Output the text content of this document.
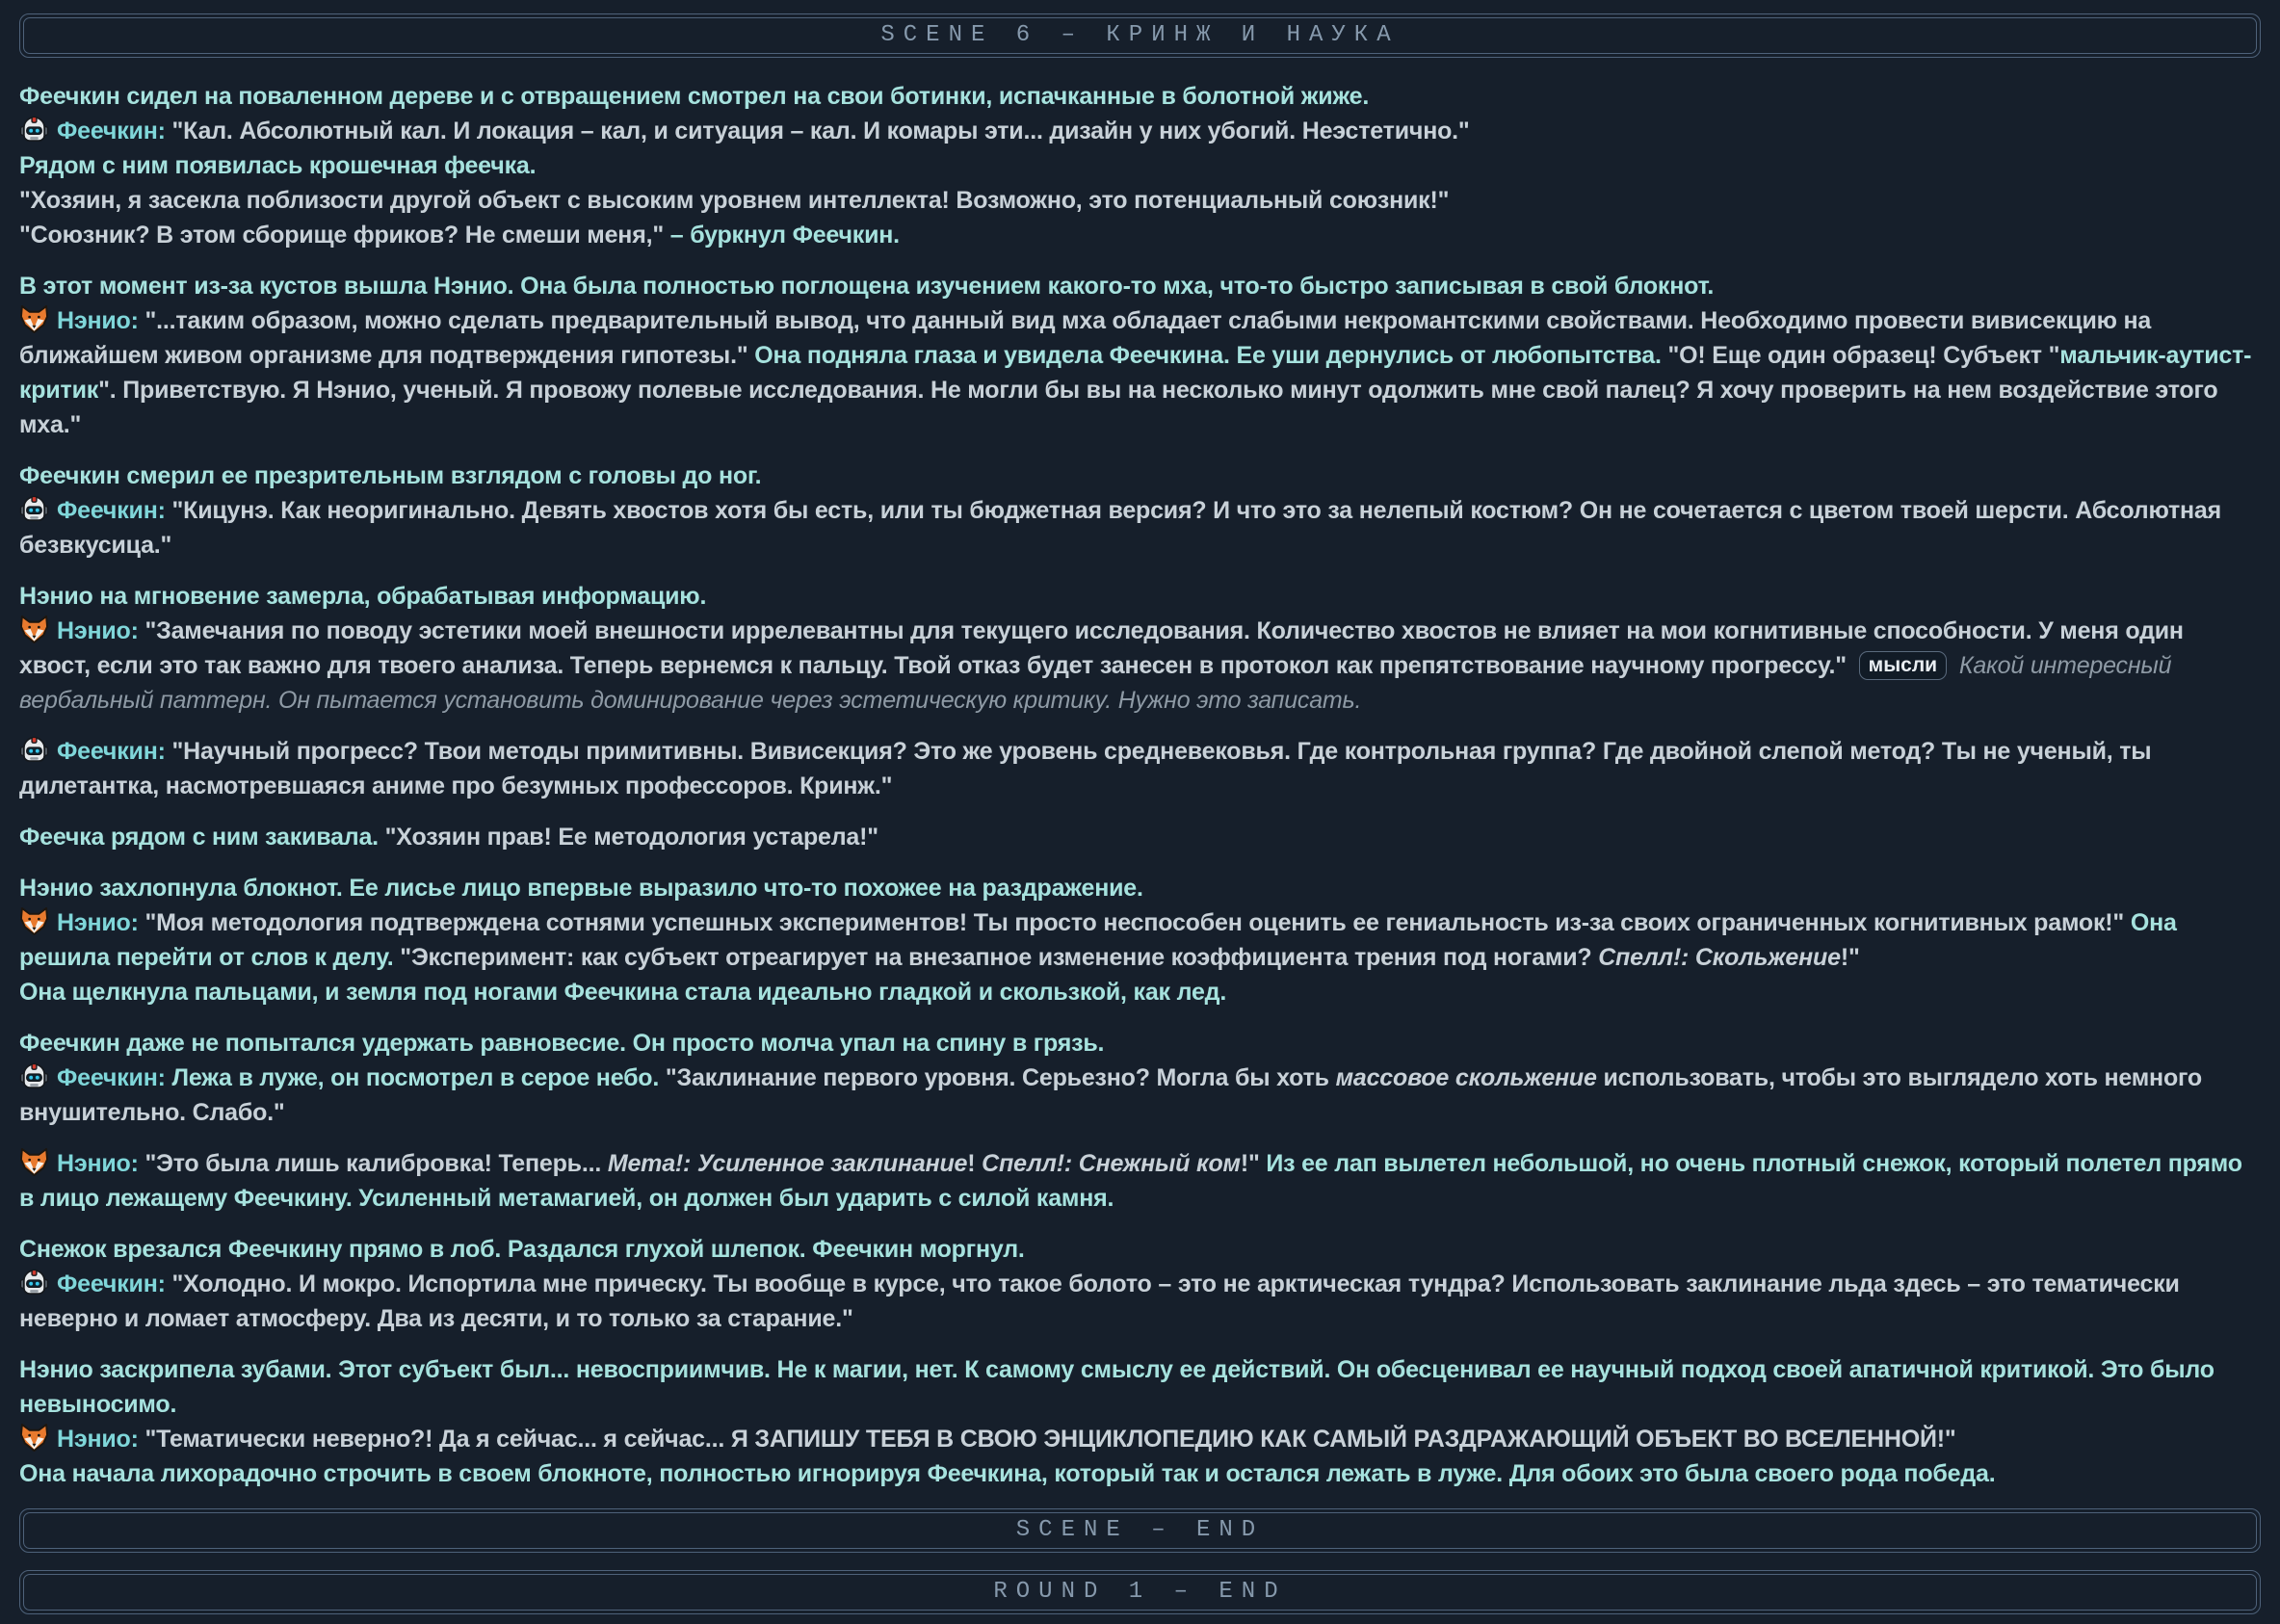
SCENE 6 – КРИНЖ И НАУКА
Феечкин сидел на поваленном дереве и с отвращением смотрел на свои ботинки, испачканные в болотной жиже.
Феечкин: "Кал. Абсолютный кал. И локация – кал, и ситуация – кал. И комары эти... дизайн у них убогий. Неэстетично."
Рядом с ним появилась крошечная феечка.
"Хозяин, я засекла поблизости другой объект с высоким уровнем интеллекта! Возможно, это потенциальный союзник!"
"Союзник? В этом сборище фриков? Не смеши меня," – буркнул Феечкин.
В этот момент из-за кустов вышла Нэнио. Она была полностью поглощена изучением какого-то мха, что-то быстро записывая в свой блокнот.
Нэнио: "...таким образом, можно сделать предварительный вывод, что данный вид мха обладает слабыми некромантскими свойствами. Необходимо провести вивисекцию на ближайшем живом организме для подтверждения гипотезы." Она подняла глаза и увидела Феечкина. Ее уши дернулись от любопытства. "О! Еще один образец! Субъект "мальчик-аутист-критик". Приветствую. Я Нэнио, ученый. Я провожу полевые исследования. Не могли бы вы на несколько минут одолжить мне свой палец? Я хочу проверить на нем воздействие этого мха."
Феечкин смерил ее презрительным взглядом с головы до ног.
Феечкин: "Кицунэ. Как неоригинально. Девять хвостов хотя бы есть, или ты бюджетная версия? И что это за нелепый костюм? Он не сочетается с цветом твоей шерсти. Абсолютная безвкусица."
Нэнио на мгновение замерла, обрабатывая информацию.
Нэнио: "Замечания по поводу эстетики моей внешности иррелевантны для текущего исследования. Количество хвостов не влияет на мои когнитивные способности. У меня один хвост, если это так важно для твоего анализа. Теперь вернемся к пальцу. Твой отказ будет занесен в протокол как препятствование научному прогрессу." мысли Какой интересный вербальный паттерн. Он пытается установить доминирование через эстетическую критику. Нужно это записать.
Феечкин: "Научный прогресс? Твои методы примитивны. Вивисекция? Это же уровень средневековья. Где контрольная группа? Где двойной слепой метод? Ты не ученый, ты дилетантка, насмотревшаяся аниме про безумных профессоров. Кринж."
Феечка рядом с ним закивала. "Хозяин прав! Ее методология устарела!"
Нэнио захлопнула блокнот. Ее лисье лицо впервые выразило что-то похожее на раздражение.
Нэнио: "Моя методология подтверждена сотнями успешных экспериментов! Ты просто неспособен оценить ее гениальность из-за своих ограниченных когнитивных рамок!" Она решила перейти от слов к делу. "Эксперимент: как субъект отреагирует на внезапное изменение коэффициента трения под ногами? Спелл!: Скольжение!"
Она щелкнула пальцами, и земля под ногами Феечкина стала идеально гладкой и скользкой, как лед.
Феечкин даже не попытался удержать равновесие. Он просто молча упал на спину в грязь.
Феечкин: Лежа в луже, он посмотрел в серое небо. "Заклинание первого уровня. Серьезно? Могла бы хоть массовое скольжение использовать, чтобы это выглядело хоть немного внушительно. Слабо."
Нэнио: "Это была лишь калибровка! Теперь... Мета!: Усиленное заклинание! Спелл!: Снежный ком!" Из ее лап вылетел небольшой, но очень плотный снежок, который полетел прямо в лицо лежащему Феечкину. Усиленный метамагией, он должен был ударить с силой камня.
Снежок врезался Феечкину прямо в лоб. Раздался глухой шлепок. Феечкин моргнул.
Феечкин: "Холодно. И мокро. Испортила мне прическу. Ты вообще в курсе, что такое болото – это не арктическая тундра? Использовать заклинание льда здесь – это тематически неверно и ломает атмосферу. Два из десяти, и то только за старание."
Нэнио заскрипела зубами. Этот субъект был... невосприимчив. Не к магии, нет. К самому смыслу ее действий. Он обесценивал ее научный подход своей апатичной критикой. Это было невыносимо.
Нэнио: "Тематически неверно?! Да я сейчас... я сейчас... Я ЗАПИШУ ТЕБЯ В СВОЮ ЭНЦИКЛОПЕДИЮ КАК САМЫЙ РАЗДРАЖАЮЩИЙ ОБЪЕКТ ВО ВСЕЛЕННОЙ!"
Она начала лихорадочно строчить в своем блокноте, полностью игнорируя Феечкина, который так и остался лежать в луже. Для обоих это была своего рода победа.
SCENE – END
ROUND 1 – END
